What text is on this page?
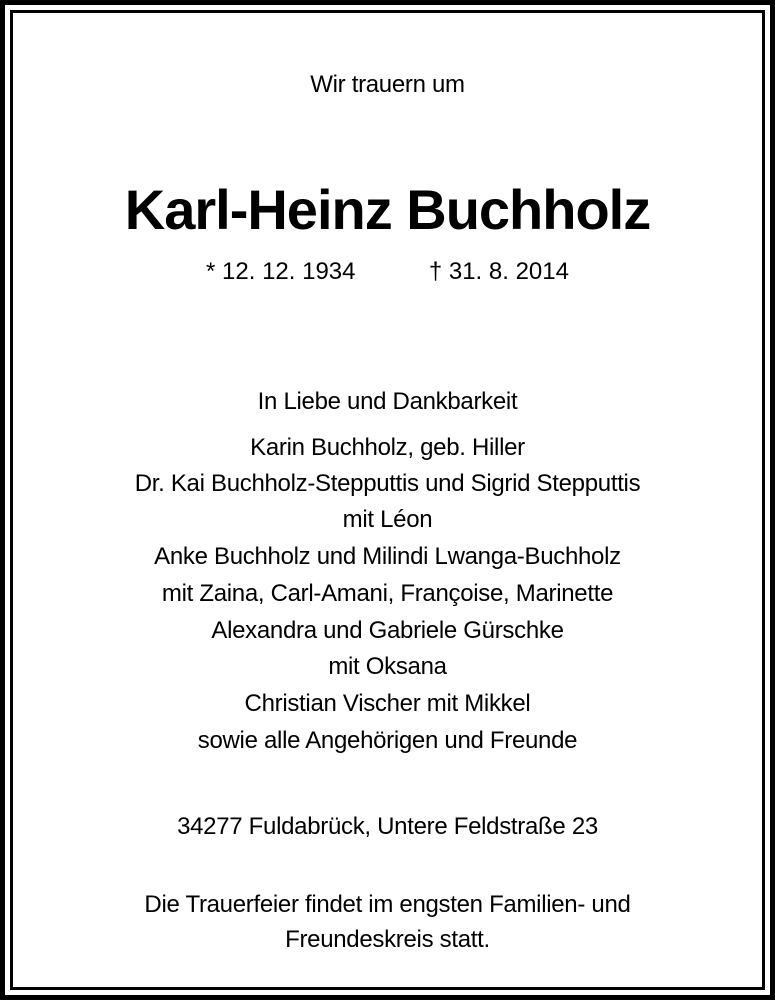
Wir trauern um
Karl-Heinz Buchholz
* 12. 12. 1934	† 31. 8. 2014
In Liebe und Dankbarkeit
Karin Buchholz, geb. Hiller
Dr. Kai Buchholz-Stepputtis und Sigrid Stepputtis
mit Léon
Anke Buchholz und Milindi Lwanga-Buchholz
mit Zaina, Carl-Amani, Françoise, Marinette
Alexandra und Gabriele Gürschke
mit Oksana
Christian Vischer mit Mikkel
sowie alle Angehörigen und Freunde
34277 Fuldabrück, Untere Feldstraße 23
Die Trauerfeier findet im engsten Familien- und
Freundeskreis statt.
